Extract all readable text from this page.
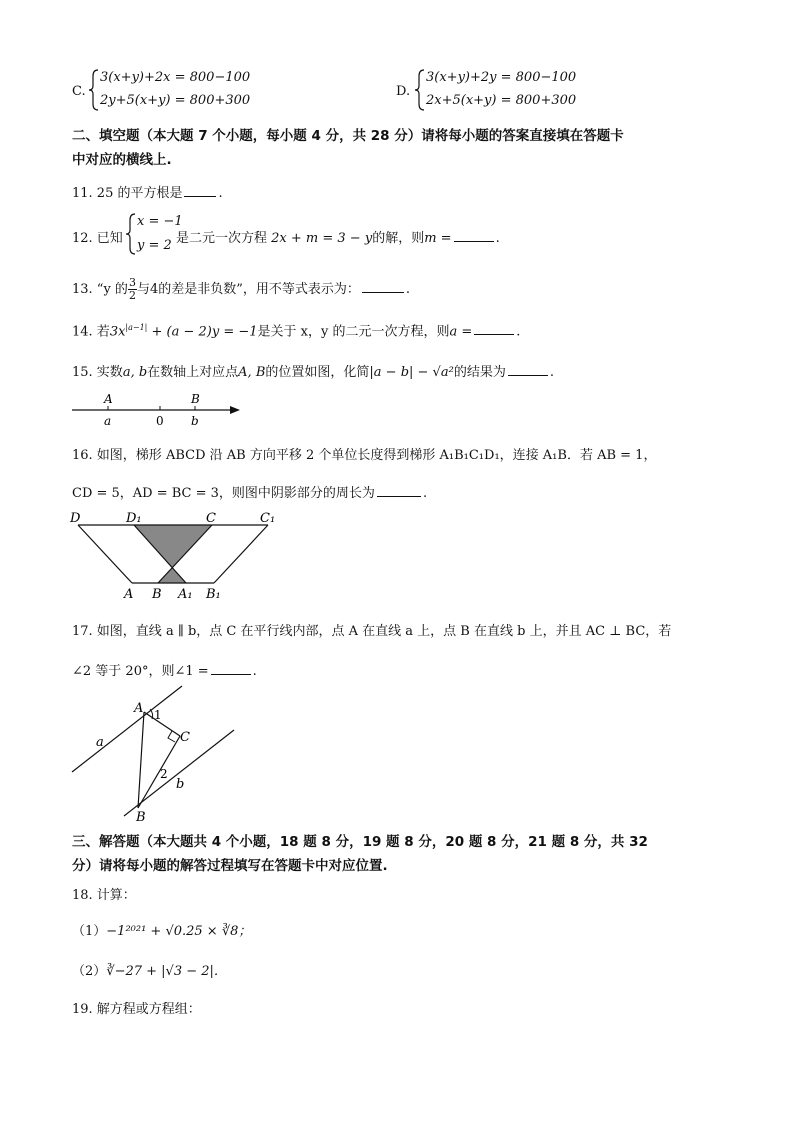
C.
3(x+y)+2x = 800−100
2y+5(x+y) = 800+300
D.
3(x+y)+2y = 800−100
2x+5(x+y) = 800+300
二、填空题（本大题 7 个小题，每小题 4 分，共 28 分）请将每小题的答案直接填在答题卡
中对应的横线上.
11. 25 的平方根是	.
12. 已知
x = −1
y = 2 是二元一次方程 2x + m = 3 − y的解，则m =	.
13. “y 的 $\frac{3}{2}$ 与4的差是非负数”，用不等式表示为：	.
14. 若$3x^{|a-1|} + (a - 2)y = -1$是关于 x，y 的二元一次方程，则a =	.
15. 实数a, b在数轴上对应点A, B的位置如图，化简|a − b| − √a²的结果为	.
A
a	0
B
b
16. 如图，梯形 ABCD 沿 AB 方向平移 2 个单位长度得到梯形 A₁B₁C₁D₁，连接 A₁B．若 AB = 1，
CD = 5，AD = BC = 3，则图中阴影部分的周长为	.
D	D₁	C	C₁
A B A₁ B₁
17. 如图，直线 a ∥ b，点 C 在平行线内部，点 A 在直线 a 上，点 B 在直线 b 上，并且 AC ⊥ BC，若
∠2 等于 20°，则∠1 =	.
A 1
C
a
2
b
B
三、解答题（本大题共 4 个小题，18 题 8 分，19 题 8 分，20 题 8 分，21 题 8 分，共 32
分）请将每小题的解答过程填写在答题卡中对应位置.
18. 计算：
（1）−1²⁰²¹ + √0.25 × ∛8；
（2）∛−27 + |√3 − 2|．
19. 解方程或方程组：
